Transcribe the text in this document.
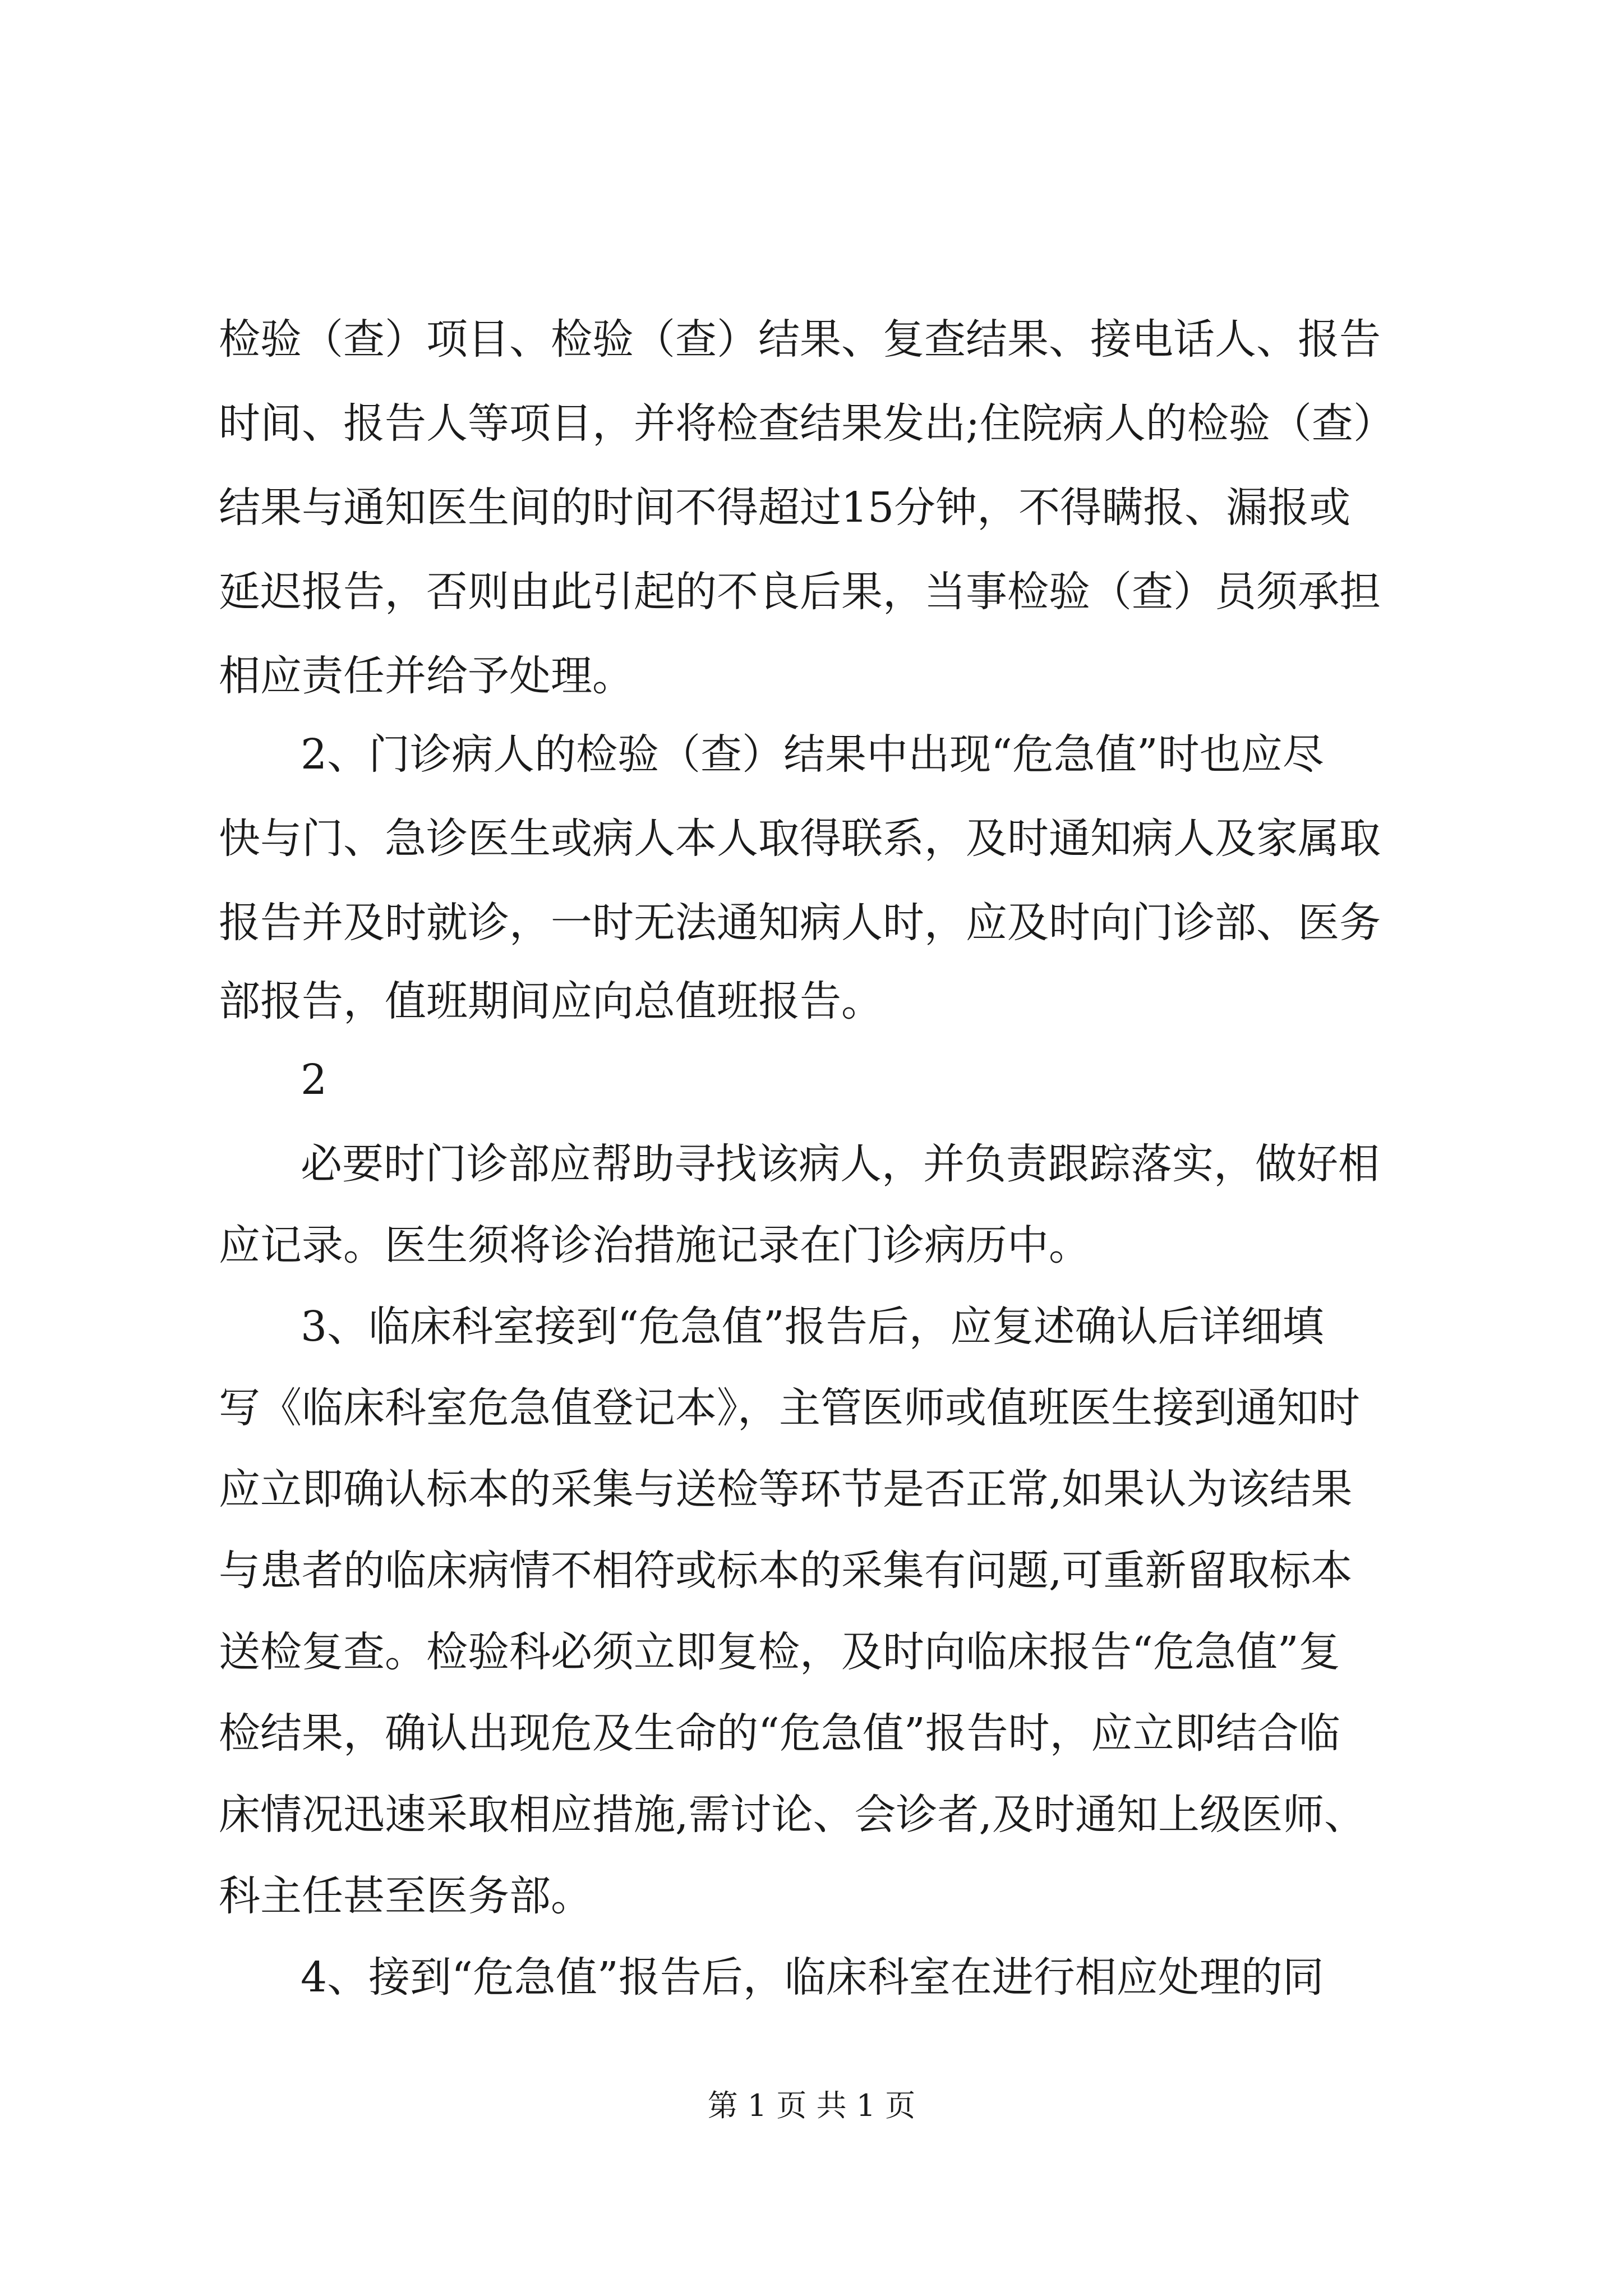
检验（查）项目、检验（查）结果、复查结果、接电话人、报告
时间、报告人等项目，并将检查结果发出;住院病人的检验（查）
结果与通知医生间的时间不得超过15分钟，不得瞒报、漏报或
延迟报告，否则由此引起的不良后果，当事检验（查）员须承担
相应责任并给予处理。
2、门诊病人的检验（查）结果中出现“危急值”时也应尽
快与门、急诊医生或病人本人取得联系，及时通知病人及家属取
报告并及时就诊，一时无法通知病人时，应及时向门诊部、医务
部报告，值班期间应向总值班报告。
2
必要时门诊部应帮助寻找该病人，并负责跟踪落实，做好相
应记录。医生须将诊治措施记录在门诊病历中。
3、临床科室接到“危急值”报告后，应复述确认后详细填
写《临床科室危急值登记本》，主管医师或值班医生接到通知时
应立即确认标本的采集与送检等环节是否正常,如果认为该结果
与患者的临床病情不相符或标本的采集有问题,可重新留取标本
送检复查。检验科必须立即复检，及时向临床报告“危急值”复
检结果，确认出现危及生命的“危急值”报告时，应立即结合临
床情况迅速采取相应措施,需讨论、会诊者,及时通知上级医师、
科主任甚至医务部。
4、接到“危急值”报告后，临床科室在进行相应处理的同
第 1 页 共 1 页
